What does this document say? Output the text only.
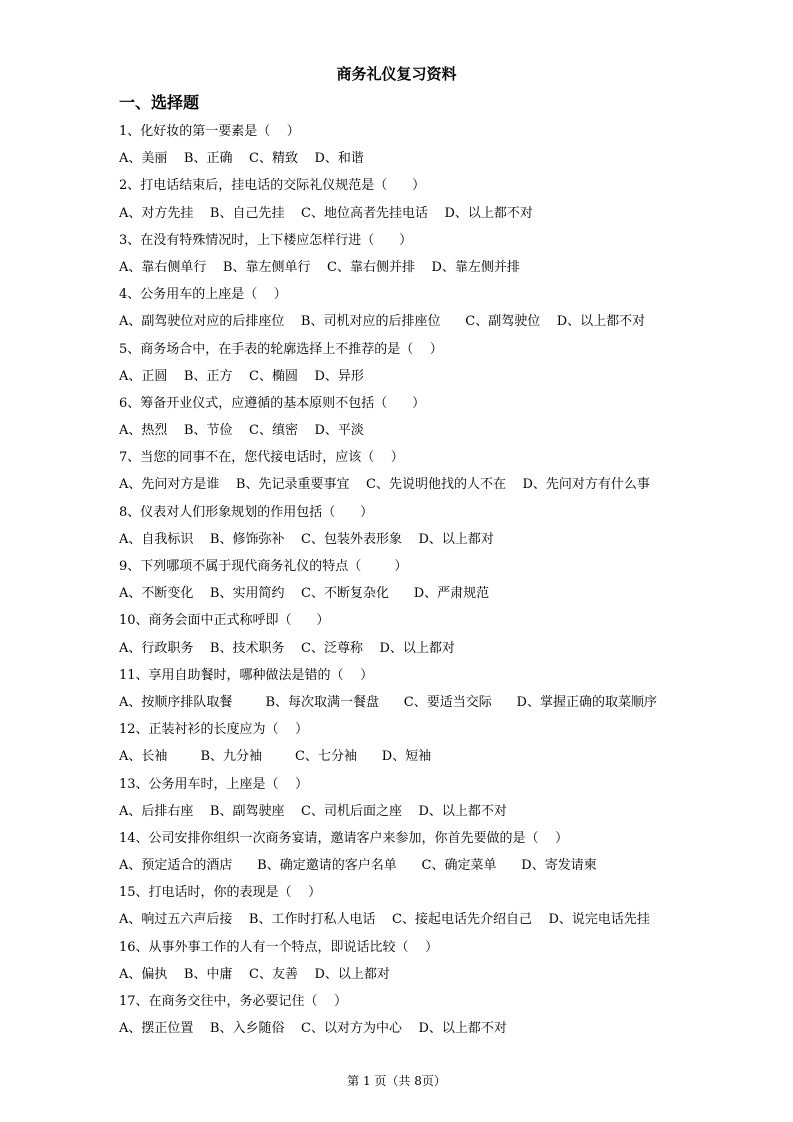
商务礼仪复习资料
一、选择题
1、化好妆的第一要素是（    ）
A、美丽    B、正确    C、精致    D、和谐
2、打电话结束后，挂电话的交际礼仪规范是（      ）
A、对方先挂    B、自己先挂    C、地位高者先挂电话    D、以上都不对
3、在没有特殊情况时，上下楼应怎样行进（      ）
A、靠右侧单行    B、靠左侧单行    C、靠右侧并排    D、靠左侧并排
4、公务用车的上座是（    ）
A、副驾驶位对应的后排座位    B、司机对应的后排座位      C、副驾驶位    D、以上都不对
5、商务场合中，在手表的轮廓选择上不推荐的是（    ）
A、正圆    B、正方    C、椭圆    D、异形
6、筹备开业仪式，应遵循的基本原则不包括（      ）
A、热烈    B、节俭    C、缜密    D、平淡
7、当您的同事不在，您代接电话时，应该（    ）
A、先问对方是谁    B、先记录重要事宜    C、先说明他找的人不在    D、先问对方有什么事
8、仪表对人们形象规划的作用包括（      ）
A、自我标识    B、修饰弥补    C、包装外表形象    D、以上都对
9、下列哪项不属于现代商务礼仪的特点（        ）
A、不断变化    B、实用简约    C、不断复杂化      D、严肃规范
10、商务会面中正式称呼即（      ）
A、行政职务    B、技术职务    C、泛尊称    D、以上都对
11、享用自助餐时，哪种做法是错的（    ）
A、按顺序排队取餐        B、每次取满一餐盘      C、要适当交际      D、掌握正确的取菜顺序
12、正装衬衫的长度应为（    ）
A、长袖        B、九分袖        C、七分袖      D、短袖
13、公务用车时，上座是（    ）
A、后排右座    B、副驾驶座    C、司机后面之座    D、以上都不对
14、公司安排你组织一次商务宴请，邀请客户来参加，你首先要做的是（    ）
A、预定适合的酒店      B、确定邀请的客户名单      C、确定菜单      D、寄发请柬
15、打电话时，你的表现是（    ）
A、响过五六声后接    B、工作时打私人电话    C、接起电话先介绍自己    D、说完电话先挂
16、从事外事工作的人有一个特点，即说话比较（    ）
A、偏执    B、中庸    C、友善    D、以上都对
17、在商务交往中，务必要记住（    ）
A、摆正位置    B、入乡随俗    C、以对方为中心    D、以上都不对
第 1 页（共 8页）
